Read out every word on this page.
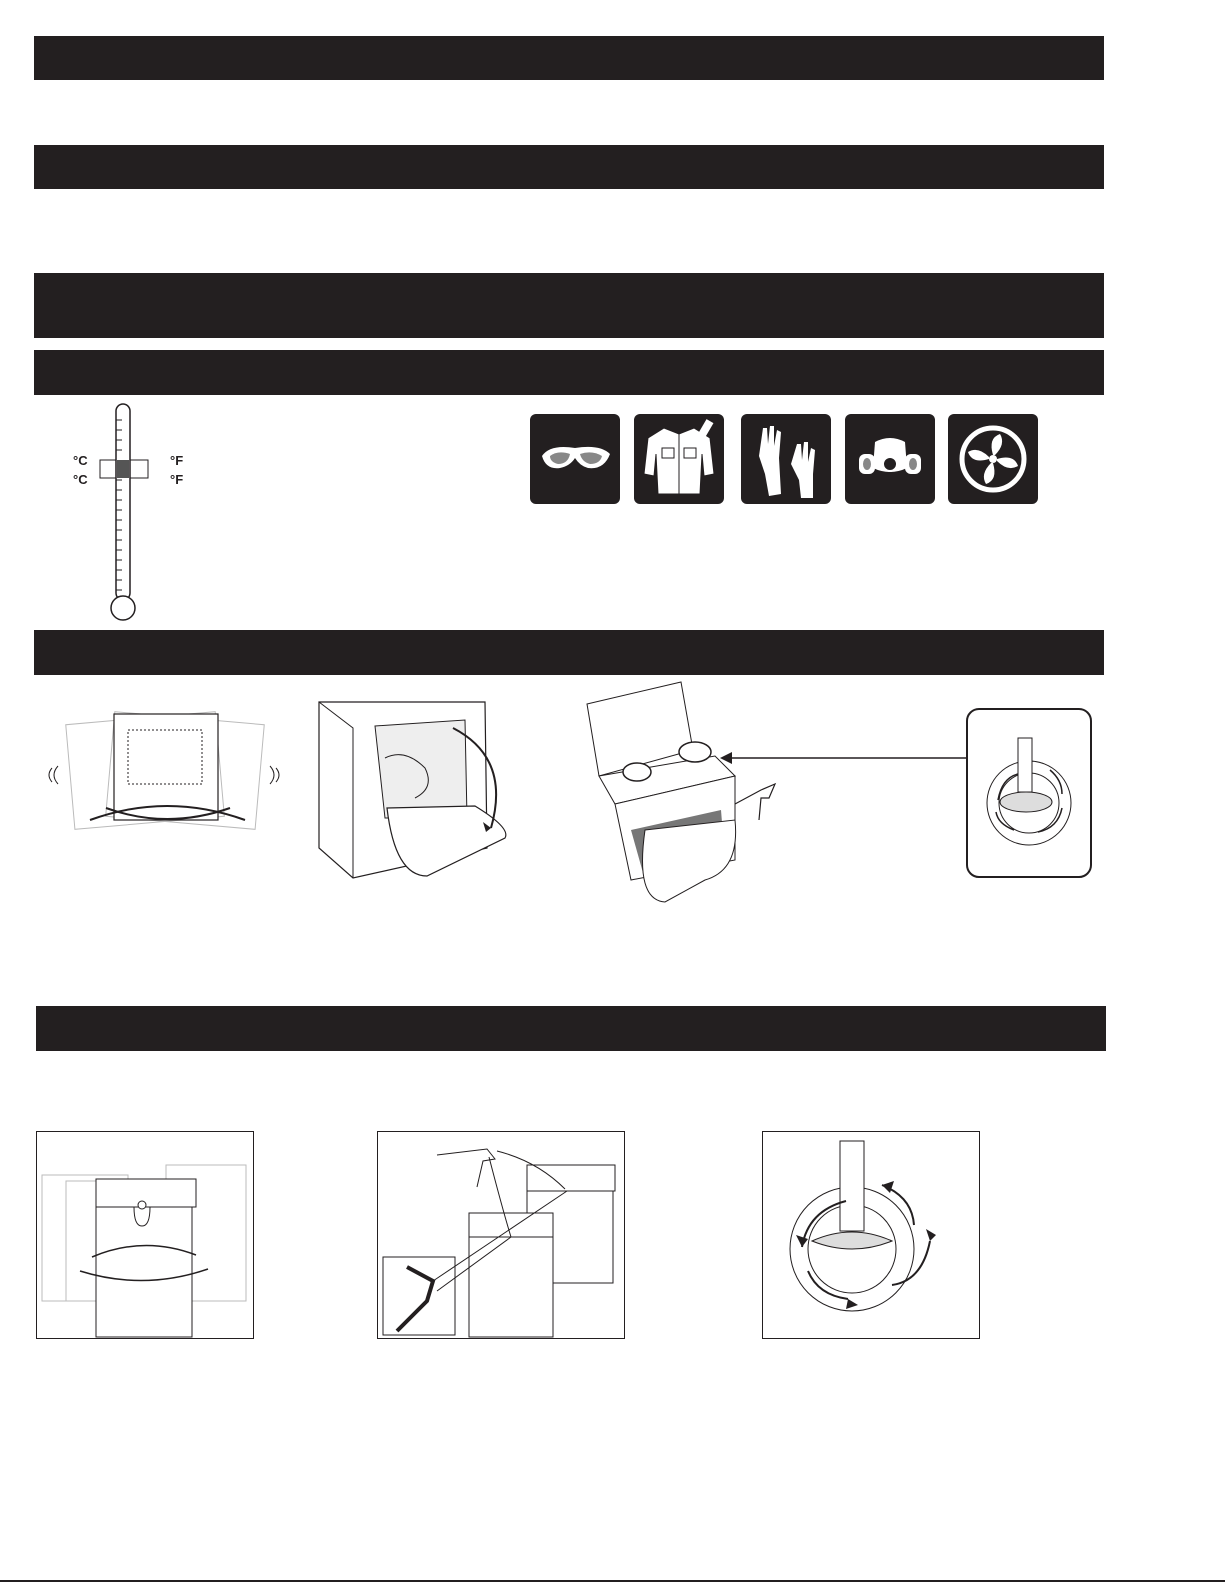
°C
°C
°F
°F
